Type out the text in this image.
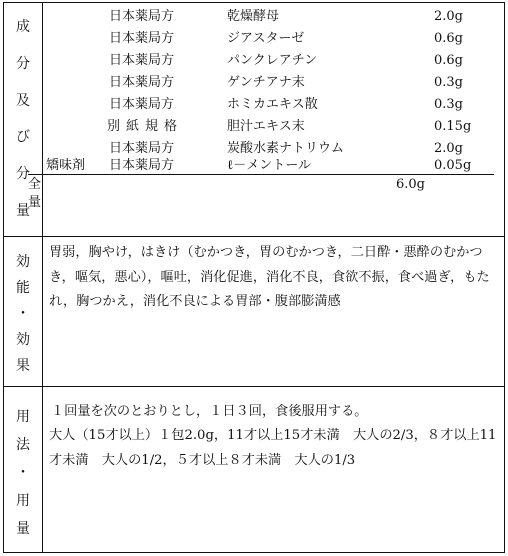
成
分
及
び
分
量
日本薬局方	乾燥酵母	2.0g
日本薬局方	ジアスターゼ	0.6g
日本薬局方	パンクレアチン	0.6g
日本薬局方	ゲンチアナ末	0.3g
日本薬局方	ホミカエキス散	0.3g
別紙規格	胆汁エキス末	0.15g
日本薬局方	炭酸水素ナトリウム	2.0g
矯味剤 日本薬局方	ℓ－メントール	0.05g
全量
6.0g
効
能
・
効
果
胃弱，胸やけ，はきけ（むかつき，胃のむかつき，二日酔・悪酔のむかつき，嘔気，悪心），嘔吐，消化促進，消化不良，食欲不振，食べ過ぎ，もたれ，胸つかえ，消化不良による胃部・腹部膨満感
用
法
・
用
量
１回量を次のとおりとし，１日３回，食後服用する。
大人（15才以上）１包2.0g，11才以上15才未満　大人の2/3，８才以上11才未満　大人の1/2，５才以上８才未満　大人の1/3
